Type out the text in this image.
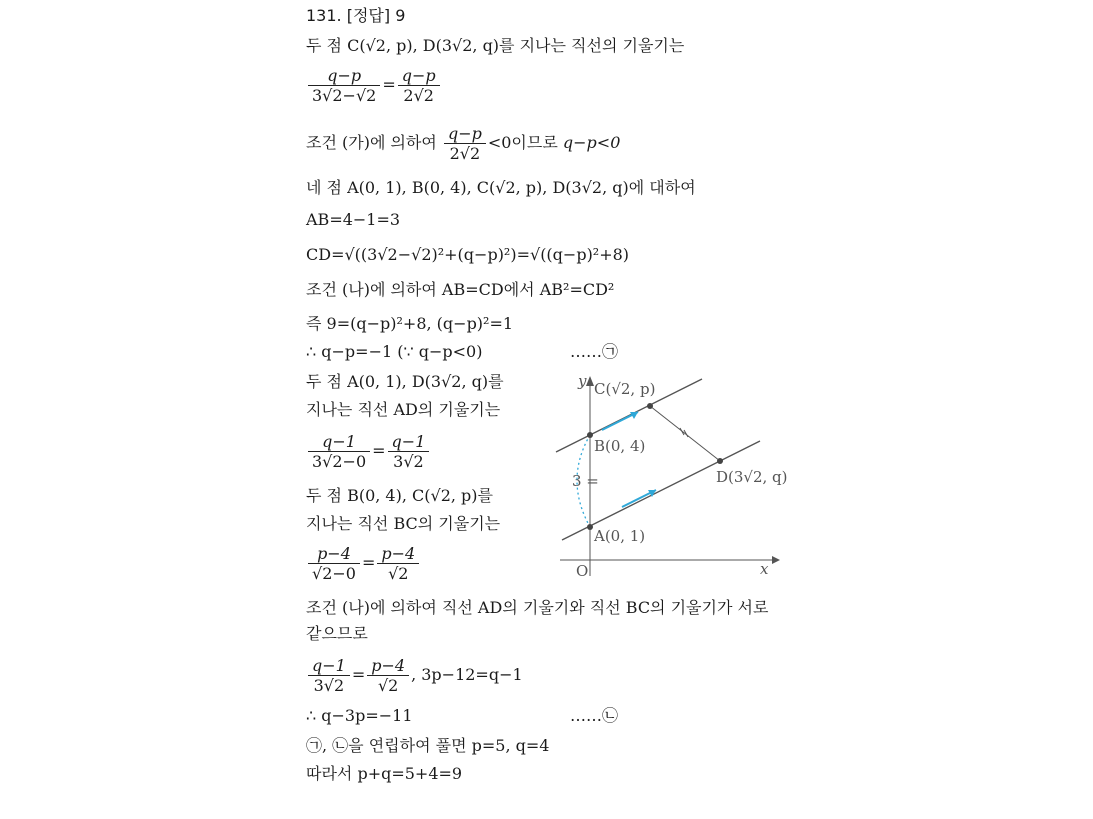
131. [정답] 9
두 점 C(√2, p), D(3√2, q)를 지나는 직선의 기울기는
$\frac{q-p}{3√2-√2} = \frac{q-p}{2√2}$
조건 (가)에 의하여 $\frac{q-p}{2√2} <0$이므로 q−p<0
네 점 A(0, 1), B(0, 4), C(√2, p), D(3√2, q)에 대하여
AB=4−1=3
CD=√((3√2−√2)²+(q−p)²)=√((q−p)²+8)
조건 (나)에 의하여 AB=CD에서 AB²=CD²
즉 9=(q−p)²+8, (q−p)²=1
∴ q−p=−1 (∵ q−p<0)	……㉠
두 점 A(0, 1), D(3√2, q)를
지나는 직선 AD의 기울기는
$\frac{q-1}{3√2-0} = \frac{q-1}{3√2}$
두 점 B(0, 4), C(√2, p)를
지나는 직선 BC의 기울기는
$\frac{p-4}{√2-0} = \frac{p-4}{√2}$
조건 (나)에 의하여 직선 AD의 기울기와 직선 BC의 기울기가 서로
같으므로
$\frac{q-1}{3√2} = \frac{p-4}{√2}$ , 3p−12=q−1
∴ q−3p=−11	……㉡
㉠, ㉡을 연립하여 풀면 p=5, q=4
따라서 p+q=5+4=9
y
x
O
C(√2, p)
B(0, 4)
A(0, 1)
D(3√2, q)
3 =
